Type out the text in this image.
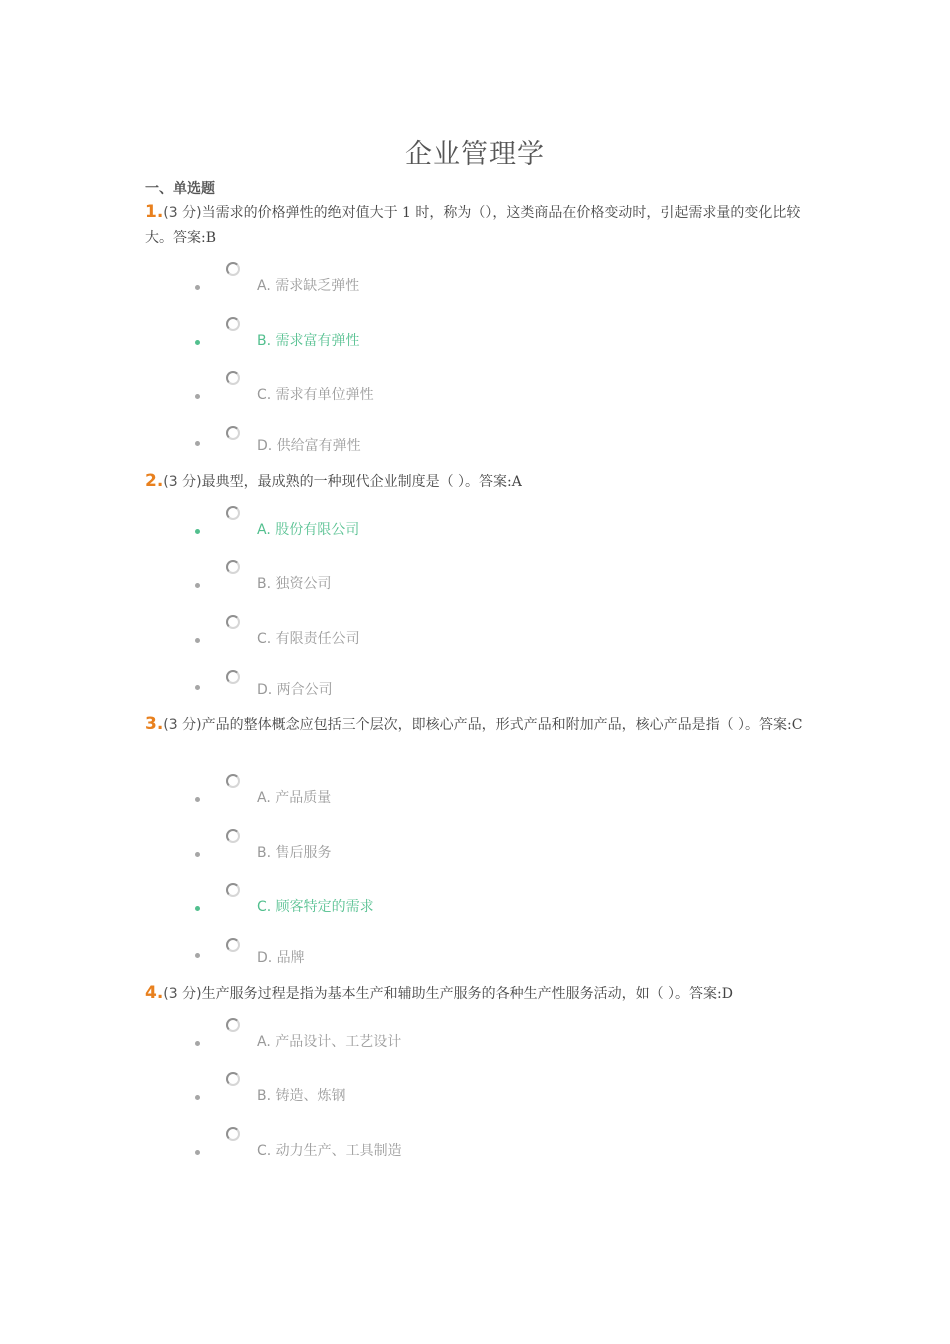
企业管理学
一、单选题
1.(3 分)当需求的价格弹性的绝对值大于 1 时，称为（），这类商品在价格变动时，引起需求量的变化比较大。答案:B
A. 需求缺乏弹性
B. 需求富有弹性
C. 需求有单位弹性
D. 供给富有弹性
2.(3 分)最典型，最成熟的一种现代企业制度是（ ）。答案:A
A. 股份有限公司
B. 独资公司
C. 有限责任公司
D. 两合公司
3.(3 分)产品的整体概念应包括三个层次，即核心产品，形式产品和附加产品，核心产品是指（ ）。答案:C
A. 产品质量
B. 售后服务
C. 顾客特定的需求
D. 品牌
4.(3 分)生产服务过程是指为基本生产和辅助生产服务的各种生产性服务活动，如（ ）。答案:D
A. 产品设计、工艺设计
B. 铸造、炼钢
C. 动力生产、工具制造
